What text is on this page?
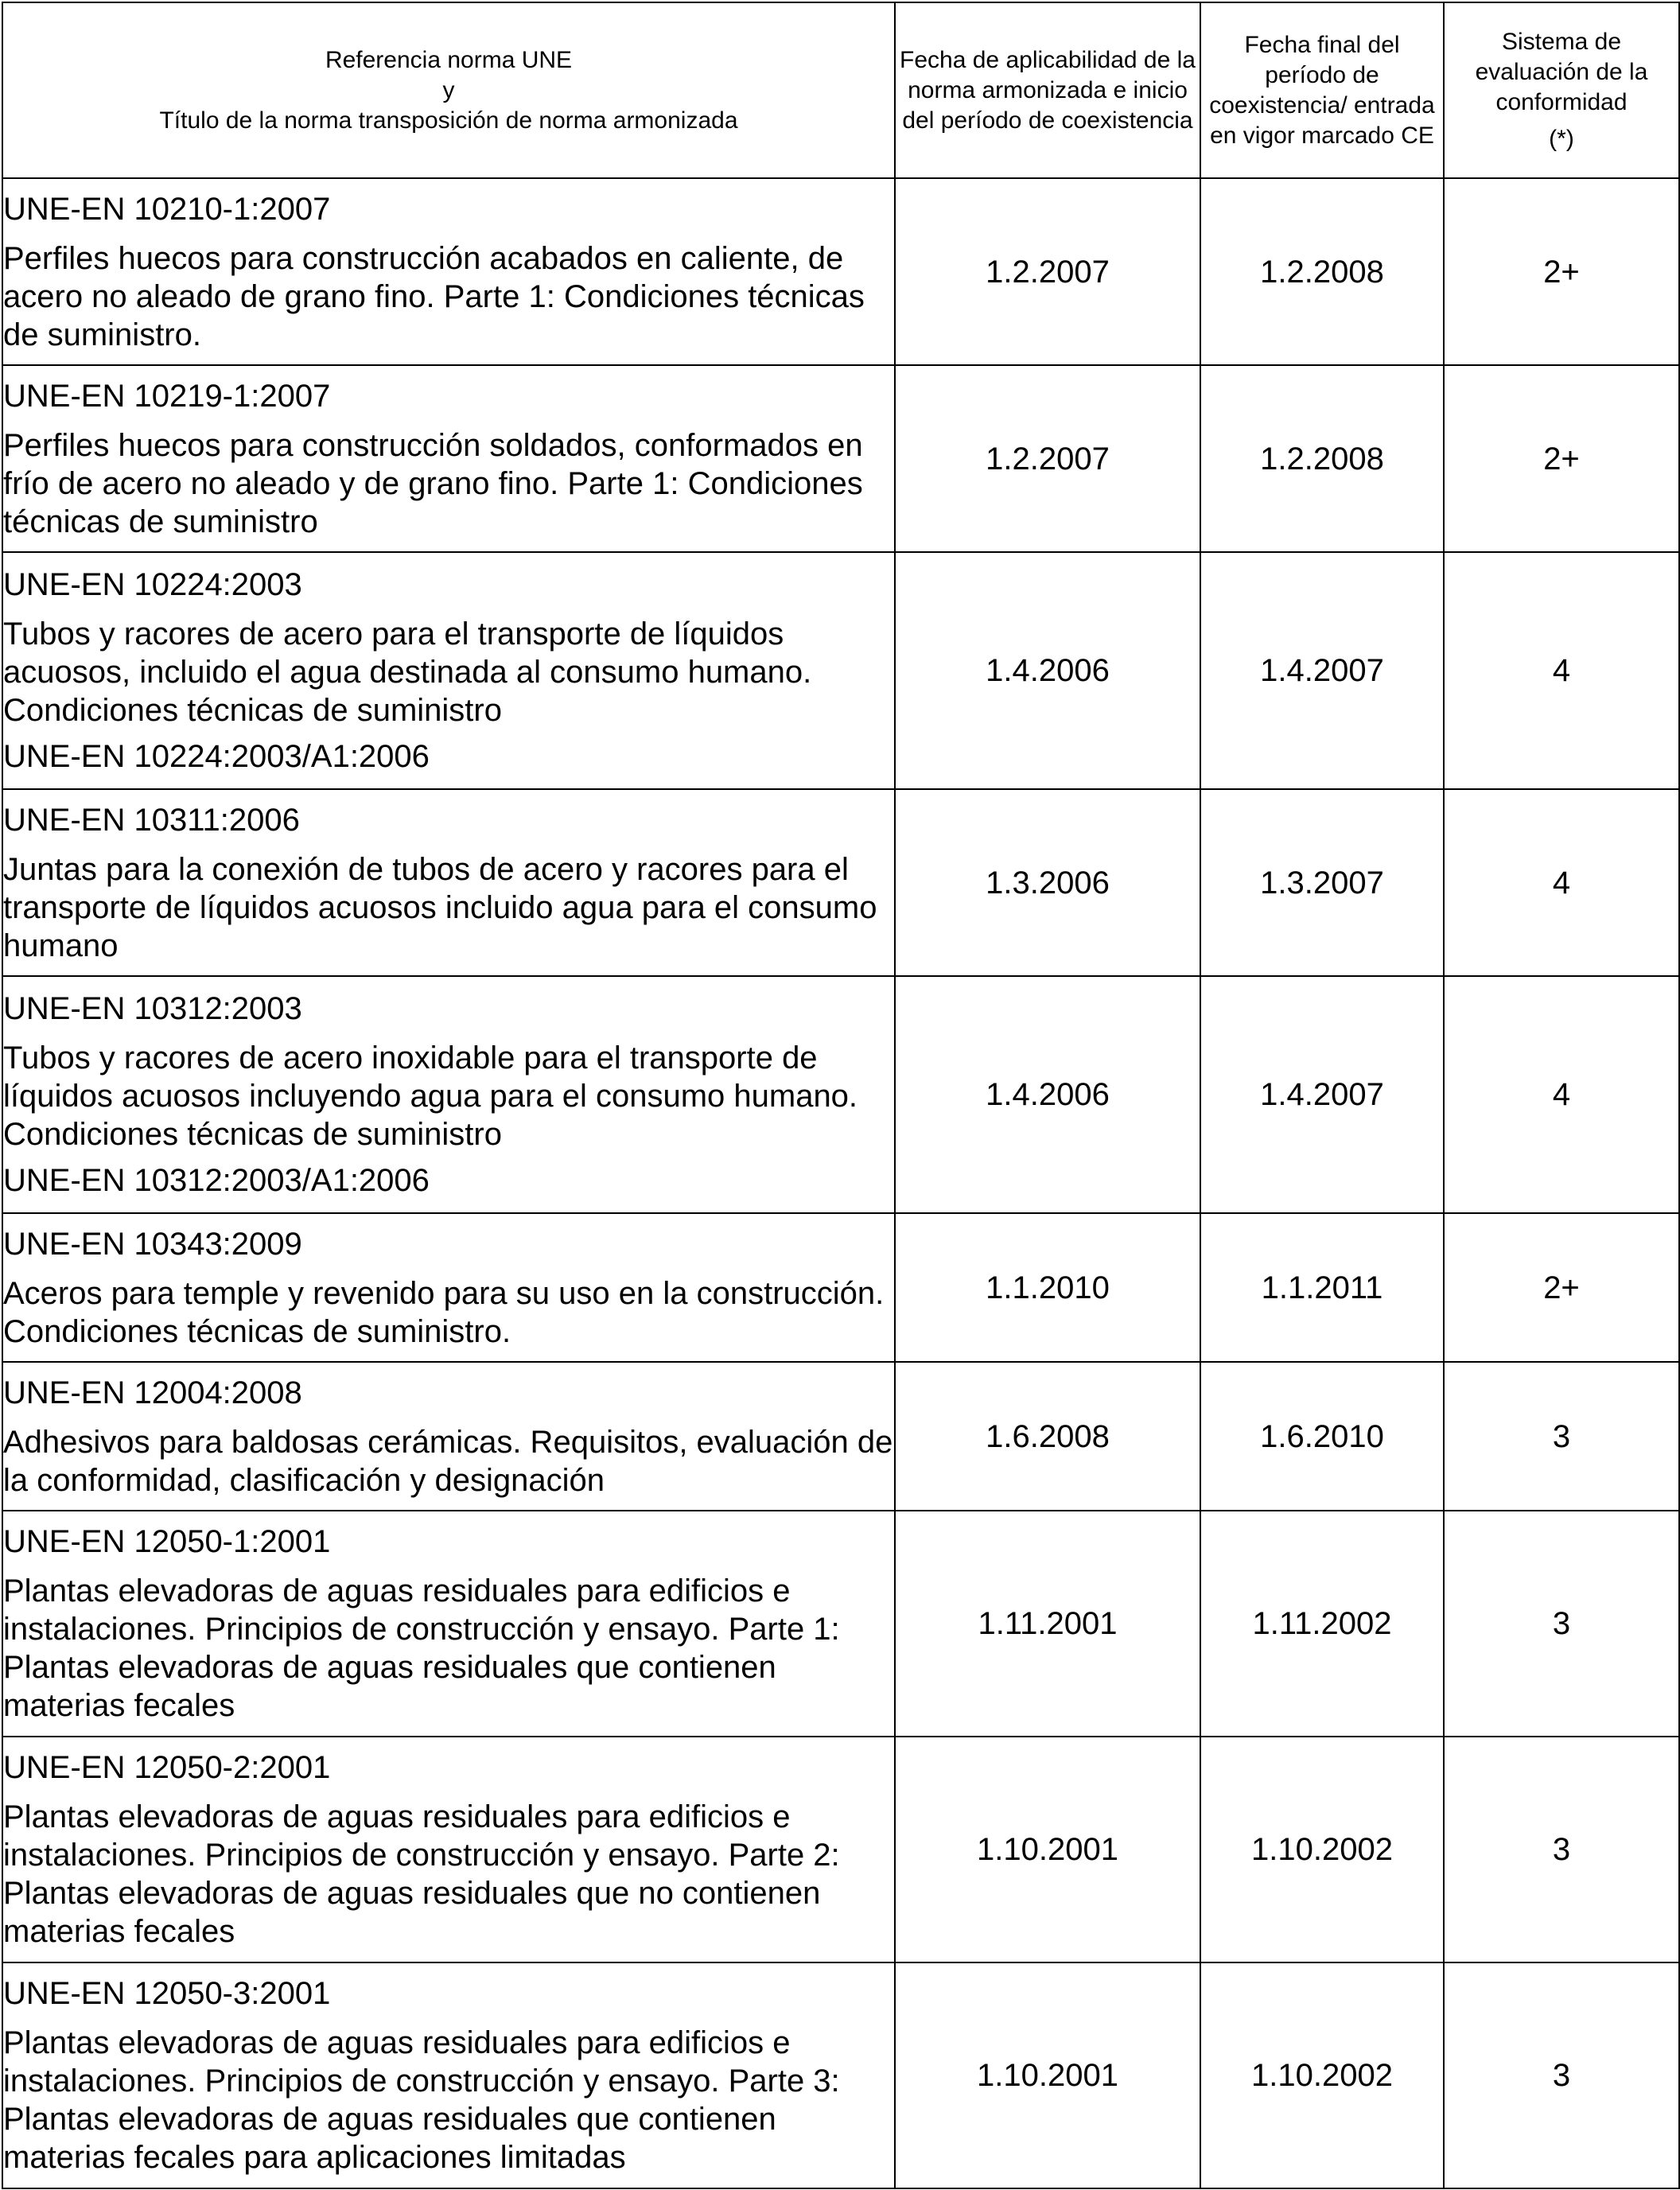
Referencia norma UNE
y
Título de la norma transposición de norma armonizada	Fecha de aplicabilidad de la norma armonizada e inicio del período de coexistencia	Fecha final del período de coexistencia/ entrada en vigor marcado CE	Sistema de evaluación de la conformidad
(*)

UNE-EN 10210-1:2007
Perfiles huecos para construcción acabados en caliente, de acero no aleado de grano fino. Parte 1: Condiciones técnicas de suministro.	1.2.2007	1.2.2008	2+

UNE-EN 10219-1:2007
Perfiles huecos para construcción soldados, conformados en frío de acero no aleado y de grano fino. Parte 1: Condiciones técnicas de suministro	1.2.2007	1.2.2008	2+

UNE-EN 10224:2003
Tubos y racores de acero para el transporte de líquidos acuosos, incluido el agua destinada al consumo humano. Condiciones técnicas de suministro
UNE-EN 10224:2003/A1:2006	1.4.2006	1.4.2007	4

UNE-EN 10311:2006
Juntas para la conexión de tubos de acero y racores para el transporte de líquidos acuosos incluido agua para el consumo humano	1.3.2006	1.3.2007	4

UNE-EN 10312:2003
Tubos y racores de acero inoxidable para el transporte de líquidos acuosos incluyendo agua para el consumo humano. Condiciones técnicas de suministro
UNE-EN 10312:2003/A1:2006	1.4.2006	1.4.2007	4

UNE-EN 10343:2009
Aceros para temple y revenido para su uso en la construcción. Condiciones técnicas de suministro.	1.1.2010	1.1.2011	2+

UNE-EN 12004:2008
Adhesivos para baldosas cerámicas. Requisitos, evaluación de la conformidad, clasificación y designación	1.6.2008	1.6.2010	3

UNE-EN 12050-1:2001
Plantas elevadoras de aguas residuales para edificios e instalaciones. Principios de construcción y ensayo. Parte 1: Plantas elevadoras de aguas residuales que contienen materias fecales	1.11.2001	1.11.2002	3

UNE-EN 12050-2:2001
Plantas elevadoras de aguas residuales para edificios e instalaciones. Principios de construcción y ensayo. Parte 2: Plantas elevadoras de aguas residuales que no contienen materias fecales	1.10.2001	1.10.2002	3

UNE-EN 12050-3:2001
Plantas elevadoras de aguas residuales para edificios e instalaciones. Principios de construcción y ensayo. Parte 3: Plantas elevadoras de aguas residuales que contienen materias fecales para aplicaciones limitadas	1.10.2001	1.10.2002	3
